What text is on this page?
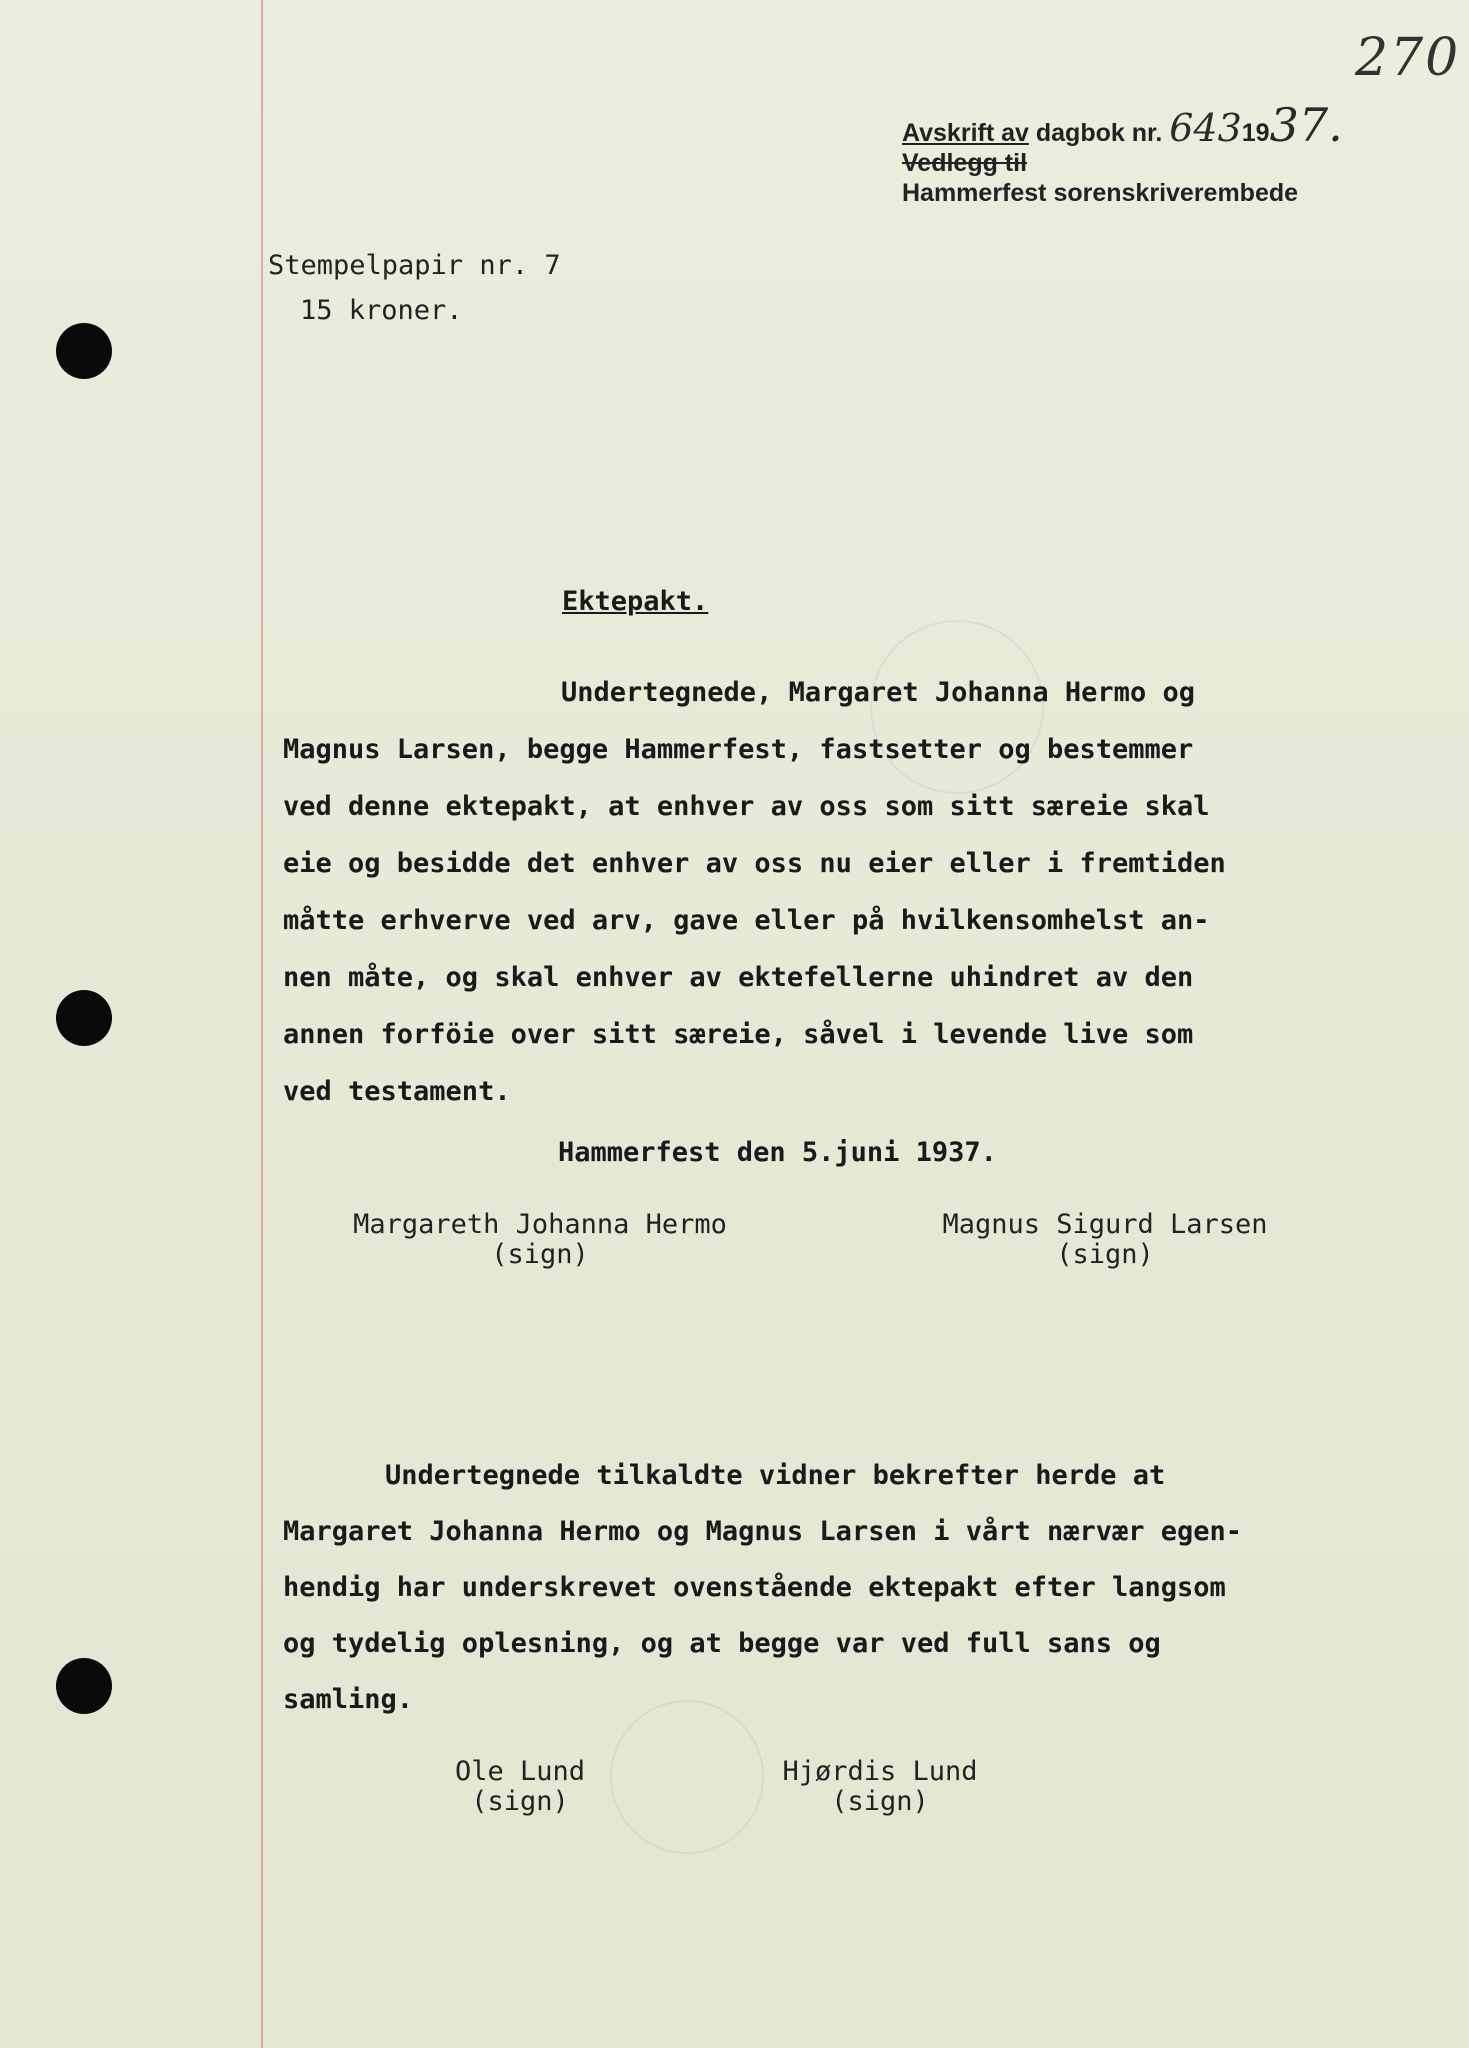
270
Avskrift av dagbok nr. 6431937.
Vedlegg til
Hammerfest sorenskriverembede
Stempelpapir nr. 7
15 kroner.
Ektepakt.
Undertegnede, Margaret Johanna Hermo og
Magnus Larsen, begge Hammerfest, fastsetter og bestemmer
ved denne ektepakt, at enhver av oss som sitt særeie skal
eie og besidde det enhver av oss nu eier eller i fremtiden
måtte erhverve ved arv, gave eller på hvilkensomhelst an-
nen måte, og skal enhver av ektefellerne uhindret av den
annen forföie over sitt særeie, såvel i levende live som
ved testament.
Hammerfest den 5.juni 1937.
Margareth Johanna Hermo
(sign)
Magnus Sigurd Larsen
(sign)
Undertegnede tilkaldte vidner bekrefter herde at
Margaret Johanna Hermo og Magnus Larsen i vårt nærvær egen-
hendig har underskrevet ovenstående ektepakt efter langsom
og tydelig oplesning, og at begge var ved full sans og
samling.
Ole Lund
(sign)
Hjørdis Lund
(sign)
